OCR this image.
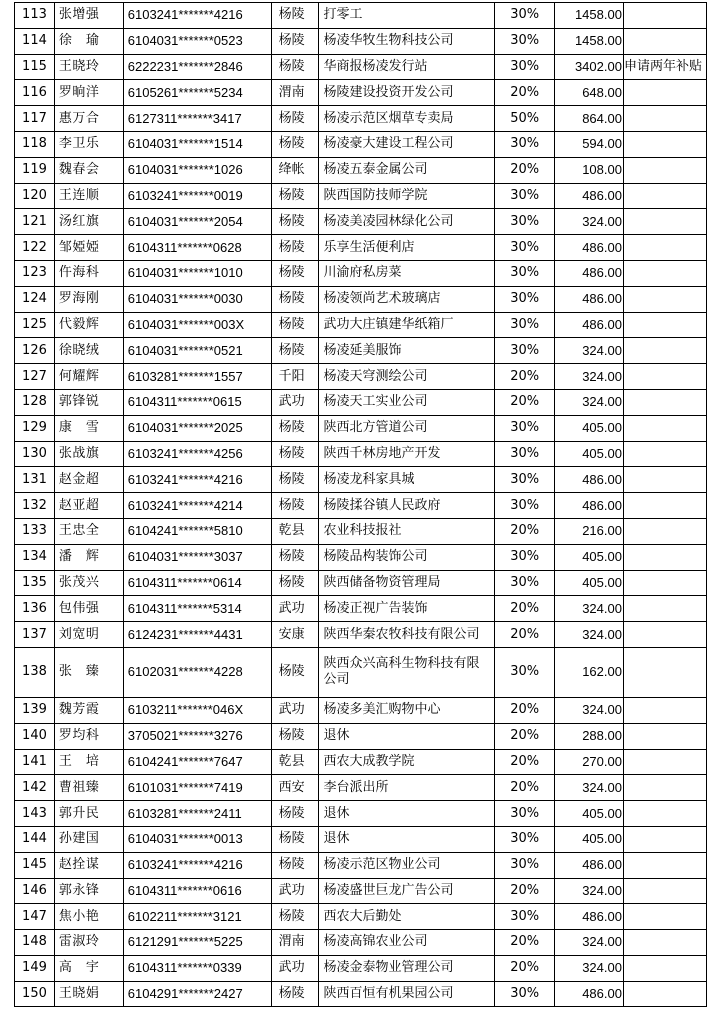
113	张增强	6103241*******4216	杨陵	打零工	30%	1458.00	
114	徐　瑜	6104031*******0523	杨陵	杨凌华牧生物科技公司	30%	1458.00	
115	王晓玲	6222231*******2846	杨陵	华商报杨凌发行站	30%	3402.00	申请两年补贴
116	罗晌洋	6105261*******5234	渭南	杨陵建设投资开发公司	20%	648.00	
117	惠万合	6127311*******3417	杨陵	杨凌示范区烟草专卖局	50%	864.00	
118	李卫乐	6104031*******1514	杨陵	杨凌豪大建设工程公司	30%	594.00	
119	魏春会	6104031*******1026	绛帐	杨凌五泰金属公司	20%	108.00	
120	王连顺	6103241*******0019	杨陵	陕西国防技师学院	30%	486.00	
121	汤红旗	6104031*******2054	杨陵	杨凌美凌园林绿化公司	30%	324.00	
122	邹婭婭	6104311*******0628	杨陵	乐享生活便利店	30%	486.00	
123	仵海科	6104031*******1010	杨陵	川渝府私房菜	30%	486.00	
124	罗海刚	6104031*******0030	杨陵	杨凌领尚艺术玻璃店	30%	486.00	
125	代毅辉	6104031*******003X	杨陵	武功大庄镇建华纸箱厂	30%	486.00	
126	徐晓绒	6104031*******0521	杨陵	杨凌延美服饰	30%	324.00	
127	何耀辉	6103281*******1557	千阳	杨凌天穹测绘公司	20%	324.00	
128	郭锋锐	6104311*******0615	武功	杨凌天工实业公司	20%	324.00	
129	康　雪	6104031*******2025	杨陵	陕西北方管道公司	30%	405.00	
130	张战旗	6103241*******4256	杨陵	陕西千林房地产开发	30%	405.00	
131	赵金超	6103241*******4216	杨陵	杨凌龙科家具城	30%	486.00	
132	赵亚超	6103241*******4214	杨陵	杨陵揉谷镇人民政府	30%	486.00	
133	王忠全	6104241*******5810	乾县	农业科技报社	20%	216.00	
134	潘　辉	6104031*******3037	杨陵	杨陵品构装饰公司	30%	405.00	
135	张茂兴	6104311*******0614	杨陵	陕西储备物资管理局	30%	405.00	
136	包伟强	6104311*******5314	武功	杨凌正视广告装饰	20%	324.00	
137	刘宽明	6124231*******4431	安康	陕西华秦农牧科技有限公司	20%	324.00	
138	张　臻	6102031*******4228	杨陵	陕西众兴高科生物科技有限公司	30%	162.00	
139	魏芳霞	6103211*******046X	武功	杨凌多美汇购物中心	20%	324.00	
140	罗均科	3705021*******3276	杨陵	退休	20%	288.00	
141	王　培	6104241*******7647	乾县	西农大成教学院	20%	270.00	
142	曹祖臻	6101031*******7419	西安	李台派出所	20%	324.00	
143	郭升民	6103281*******2411	杨陵	退休	30%	405.00	
144	孙建国	6104031*******0013	杨陵	退休	30%	405.00	
145	赵拴谋	6103241*******4216	杨陵	杨凌示范区物业公司	30%	486.00	
146	郭永锋	6104311*******0616	武功	杨凌盛世巨龙广告公司	20%	324.00	
147	焦小艳	6102211*******3121	杨陵	西农大后勤处	30%	486.00	
148	雷淑玲	6121291*******5225	渭南	杨凌高锦农业公司	20%	324.00	
149	高　宇	6104311*******0339	武功	杨凌金泰物业管理公司	20%	324.00	
150	王晓娟	6104291*******2427	杨陵	陕西百恒有机果园公司	30%	486.00	
